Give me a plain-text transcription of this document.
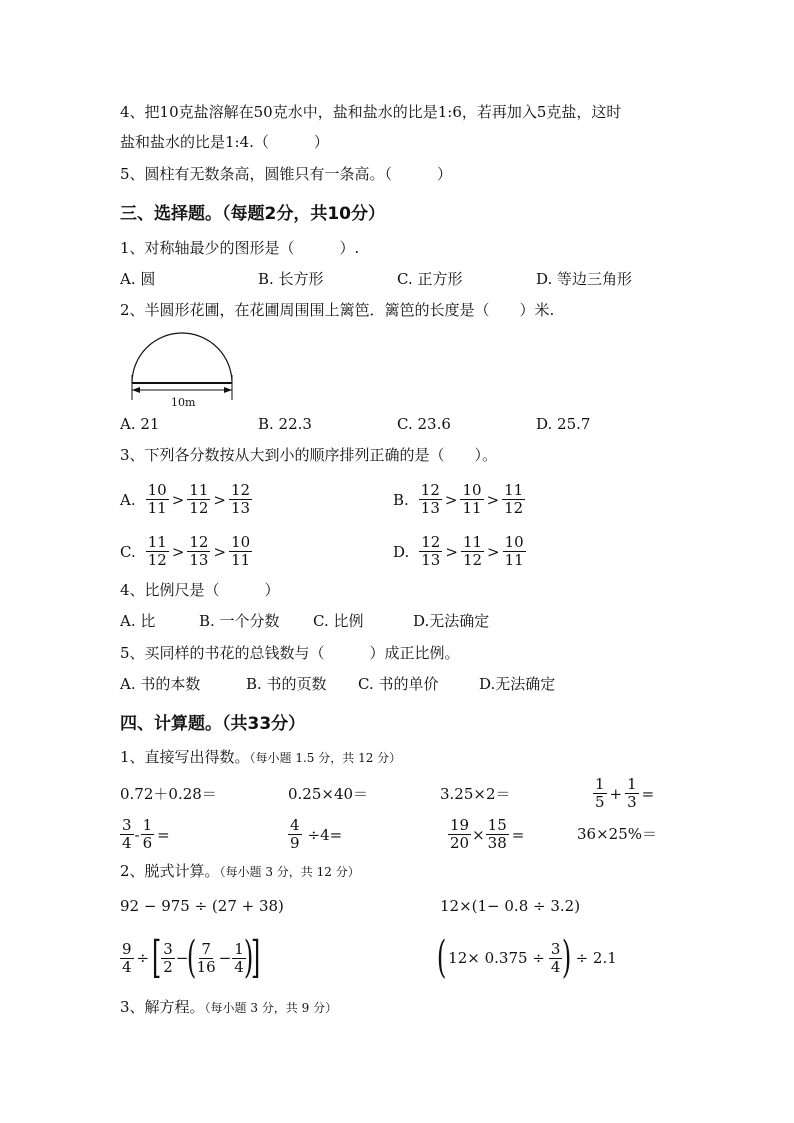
4、把10克盐溶解在50克水中，盐和盐水的比是1:6，若再加入5克盐，这时
盐和盐水的比是1:4.（　　　）
5、圆柱有无数条高，圆锥只有一条高。（　　　）
三、选择题。（每题2分，共10分）
1、对称轴最少的图形是（　　　）.
A. 圆	B. 长方形	C. 正方形	D. 等边三角形
2、半圆形花圃，在花圃周围围上篱笆．篱笆的长度是（　　）米.
10m
A. 21	B. 22.3	C. 23.6	D. 25.7
3、下列各分数按从大到小的顺序排列正确的是（　　）。
A. $\frac{10}{11} > \frac{11}{12} > \frac{12}{13}$	B. $\frac{12}{13} > \frac{10}{11} > \frac{11}{12}$
C. $\frac{11}{12} > \frac{12}{13} > \frac{10}{11}$	D. $\frac{12}{13} > \frac{11}{12} > \frac{10}{11}$
4、比例尺是（　　　）
A. 比	B. 一个分数 C. 比例	D.无法确定
5、买同样的书花的总钱数与（　　　）成正比例。
A. 书的本数	B. 书的页数 C. 书的单价	D.无法确定
四、计算题。（共33分）
1、直接写出得数。（每小题 1.5 分，共 12 分）
0.72＋0.28＝	0.25×40＝	3.25×2＝	$\frac{1}{5} + \frac{1}{3}$ =
$\frac{3}{4} - \frac{1}{6}$ =	$\frac{4}{9} \div 4=$	$\frac{19}{20} \times \frac{15}{38}$ =	36×25%＝
2、脱式计算。（每小题 3 分，共 12 分）
92 − 975 ÷ (27 + 38)	12×(1− 0.8 ÷ 3.2)
$\frac{9}{4}$ ÷ [ $\frac{3}{2}$ −
(
$\frac{7}{16} - \frac{1}{4}$
)
]	( $12\times 0.375 \div \frac{3}{4}$ ) ÷ 2.1
3、解方程。（每小题 3 分，共 9 分）
